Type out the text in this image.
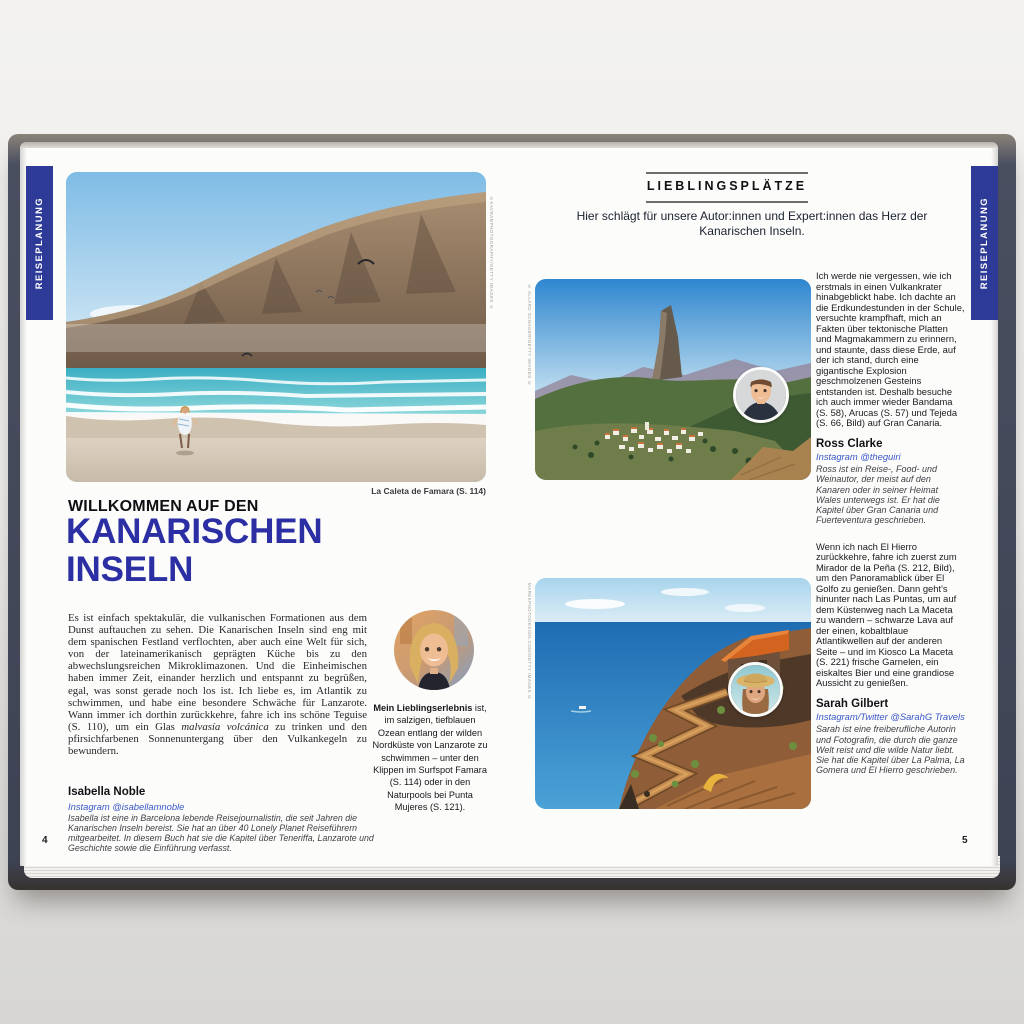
REISEPLANUNG	REISEPLANUNG
©KAVRAMPHOTOGRAPHY/GETTY IMAGES ©
La Caleta de Famara (S. 114)
WILLKOMMEN AUF DEN
KANARISCHEN
INSELN
Es ist einfach spektakulär, die vulkanischen Formationen aus dem Dunst auftauchen zu sehen. Die Kanarischen Inseln sind eng mit dem spanischen Festland verflochten, aber auch eine Welt für sich, von der lateinamerikanisch geprägten Küche bis zu den abwechslungsreichen Mikroklimazonen. Und die Einheimischen haben immer Zeit, einander herzlich und entspannt zu begrüßen, egal, was sonst gerade noch los ist. Ich liebe es, im Atlantik zu schwimmen, und habe eine besondere Schwäche für Lanzarote. Wann immer ich dorthin zurückkehre, fahre ich ins schöne Teguise (S. 110), um ein Glas malvasía volcánica zu trinken und den pfirsichfarbenen Sonnenuntergang über den Vulkankegeln zu bewundern.
Isabella Noble
Instagram @isabellamnoble
Isabella ist eine in Barcelona lebende Reisejournalistin, die seit Jahren die Kanarischen Inseln bereist. Sie hat an über 40 Lonely Planet Reiseführern mitgearbeitet. In diesem Buch hat sie die Kapitel über Teneriffa, Lanzarote und Geschichte sowie die Einführung verfasst.
4
Mein Lieblingserlebnis ist, im salzigen, tiefblauen Ozean entlang der wilden Nordküste von Lanzarote zu schwimmen – unter den Klippen im Surfspot Famara (S. 114) oder in den Naturpools bei Punta Mujeres (S. 121).
LIEBLINGSPLÄTZE
Hier schlägt für unsere Autor:innen und Expert:innen das Herz der Kanarischen Inseln.
© ALLARD SCHAGER/GETTY IMAGES ©
MAREKPHOTODESIGN.COM/GETTY IMAGES ©

Ich werde nie vergessen, wie ich erstmals in einen Vulkankrater hinabgeblickt habe. Ich dachte an die Erdkundestunden in der Schule, versuchte krampfhaft, mich an Fakten über tektonische Platten und Magmakammern zu erinnern, und staunte, dass diese Erde, auf der ich stand, durch eine gigantische Explosion geschmolzenen Gesteins entstanden ist. Deshalb besuche ich auch immer wieder Bandama (S. 58), Arucas (S. 57) und Tejeda (S. 66, Bild) auf Gran Canaria.

Ross Clarke
Instagram @theguiri
Ross ist ein Reise-, Food- und Weinautor, der meist auf den Kanaren oder in seiner Heimat Wales unterwegs ist. Er hat die Kapitel über Gran Canaria und Fuerteventura geschrieben.

Wenn ich nach El Hierro zurückkehre, fahre ich zuerst zum Mirador de la Peña (S. 212, Bild), um den Panoramablick über El Golfo zu genießen. Dann geht's hinunter nach Las Puntas, um auf dem Küstenweg nach La Maceta zu wandern – schwarze Lava auf der einen, kobaltblaue Atlantikwellen auf der anderen Seite – und im Kiosco La Maceta (S. 221) frische Garnelen, ein eiskaltes Bier und eine grandiose Aussicht zu genießen.

Sarah Gilbert
Instagram/Twitter @SarahG Travels
Sarah ist eine freiberufliche Autorin und Fotografin, die durch die ganze Welt reist und die wilde Natur liebt. Sie hat die Kapitel über La Palma, La Gomera und El Hierro geschrieben.
5
